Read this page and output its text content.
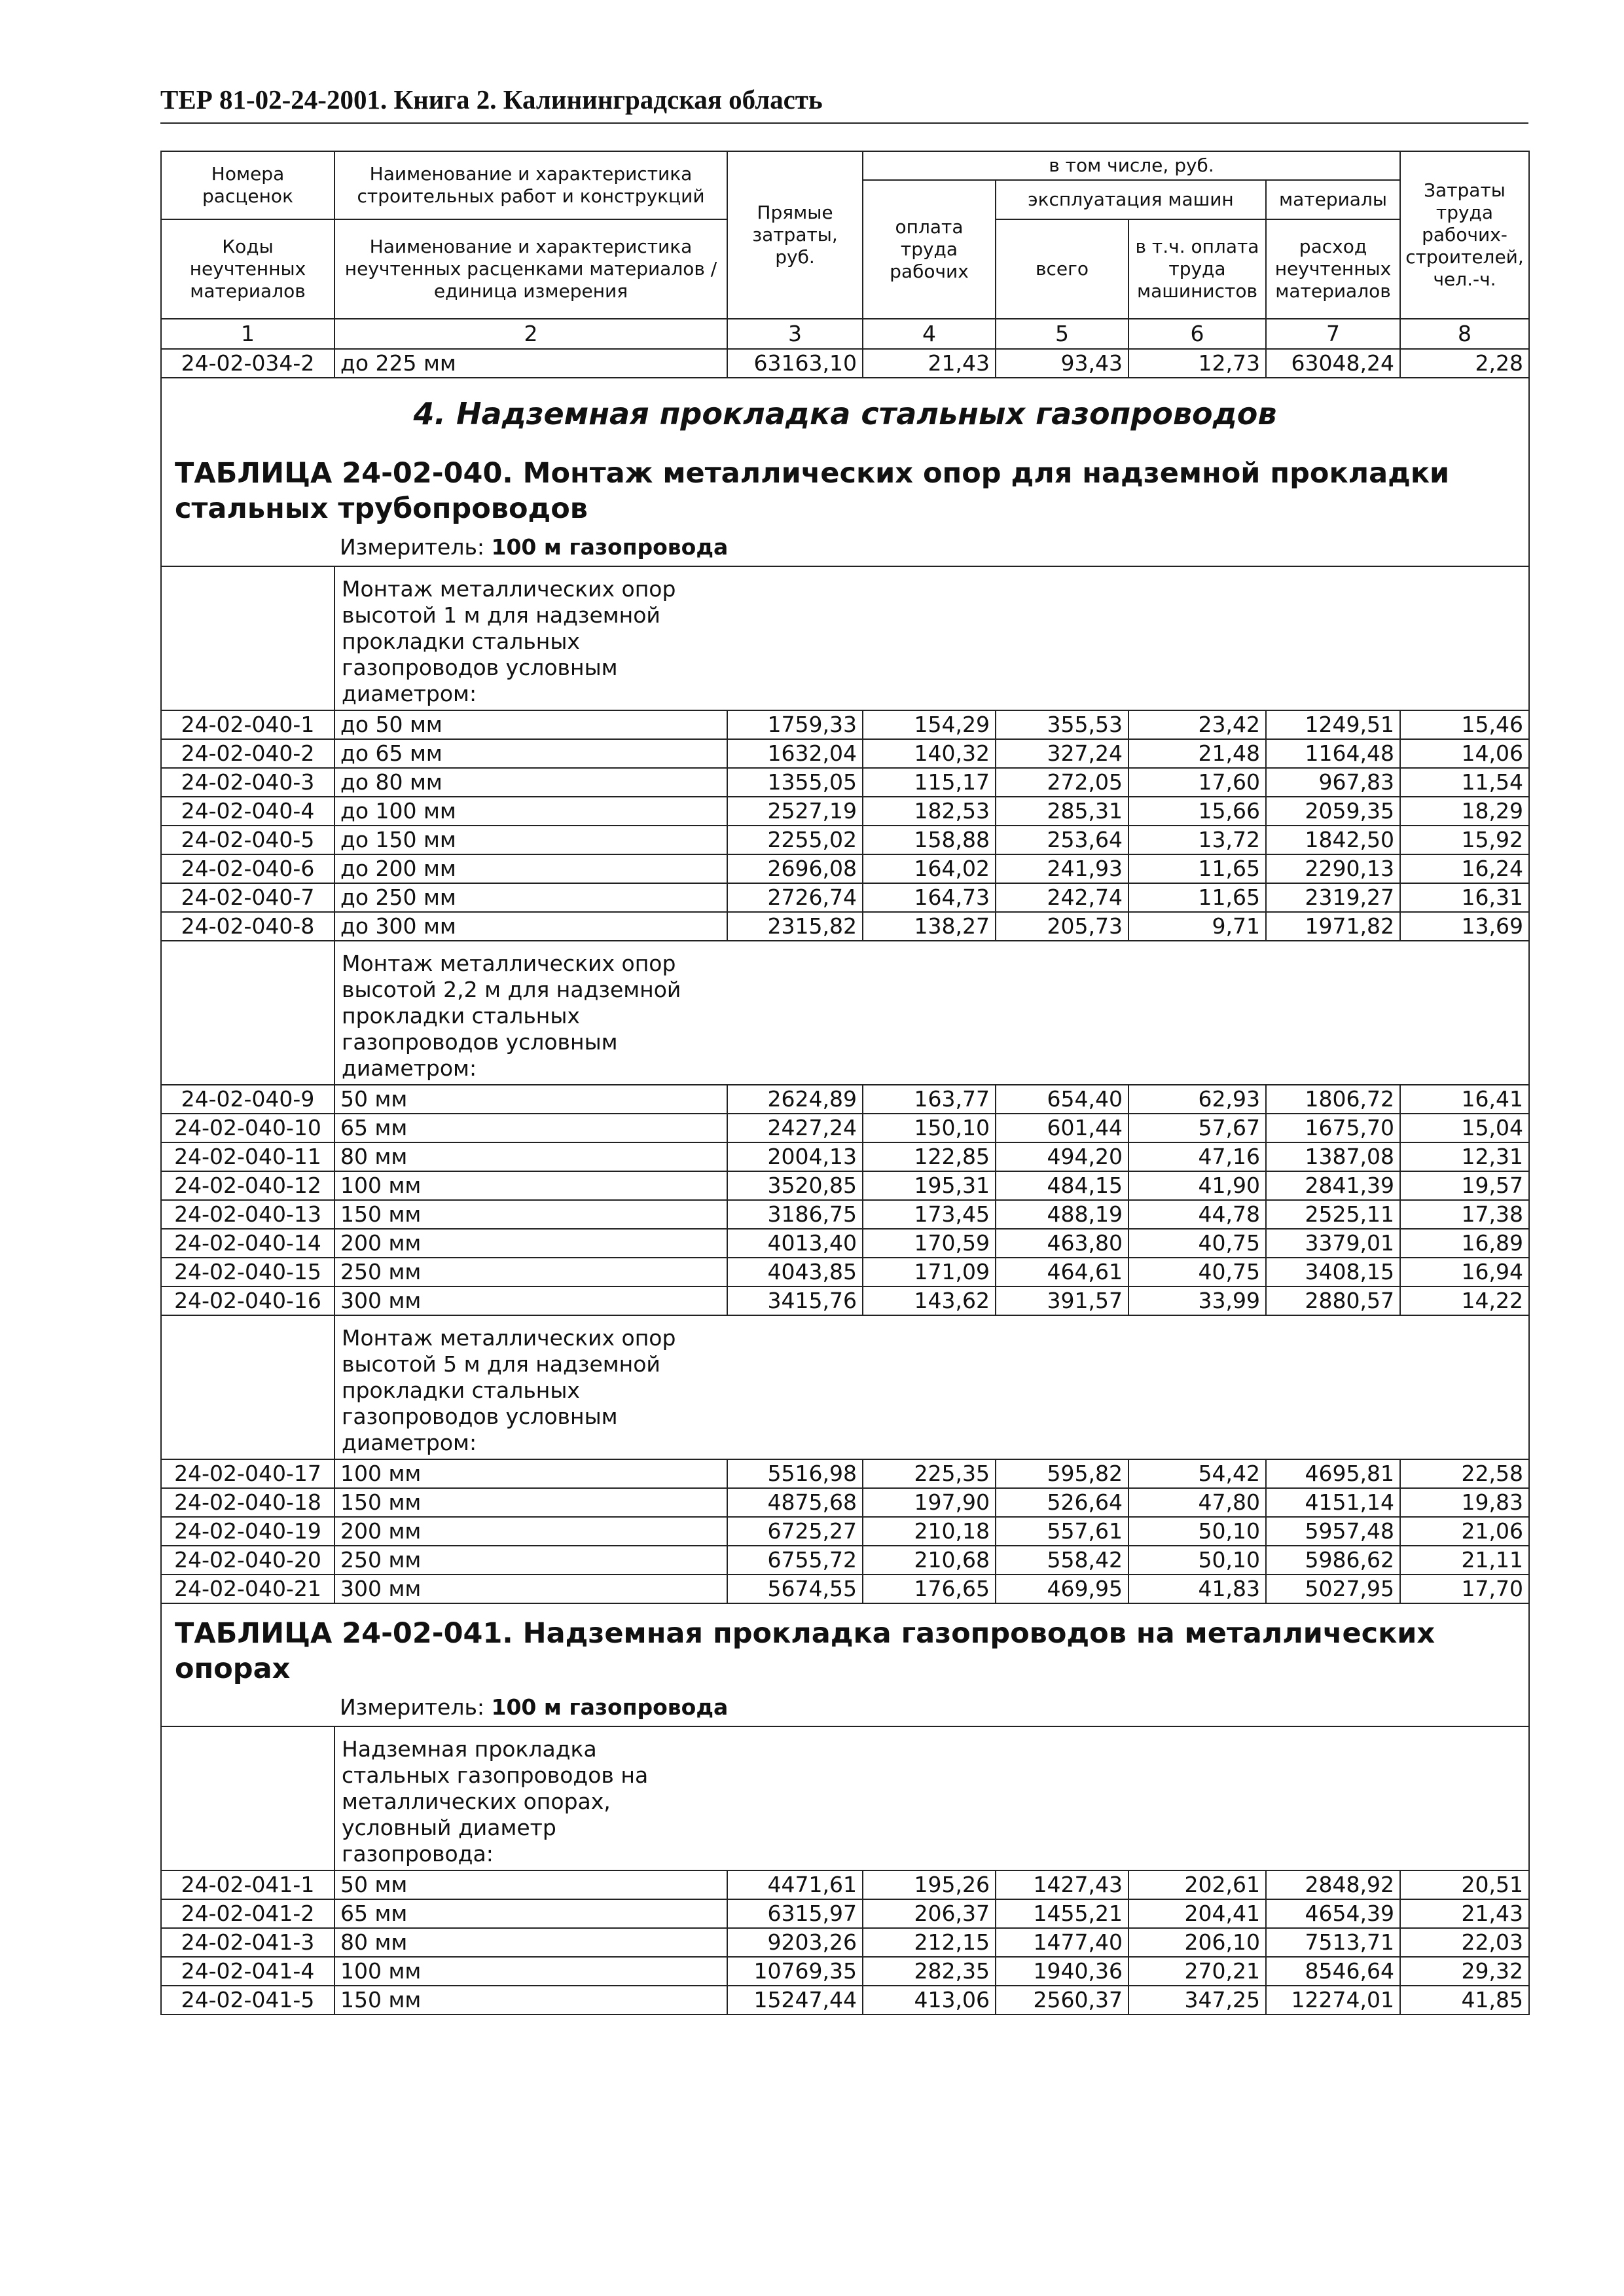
ТЕР 81-02-24-2001. Книга 2. Калининградская область
Номера расценок	Наименование и характеристика строительных работ и конструкций	Прямые затраты, руб.	в том числе, руб.				Затраты труда рабочих-строителей, чел.-ч.
			оплата труда рабочих	эксплуатация машин		материалы	
Коды неучтенных материалов	Наименование и характеристика неучтенных расценками материалов / единица измерения			всего	в т.ч. оплата труда машинистов	расход неучтенных материалов	

1	2	3	4	5	6	7	8
24-02-034-2	до 225 мм	63163,10	21,43	93,43	12,73	63048,24	2,28
4. Надземная прокладка стальных газопроводов							
ТАБЛИЦА 24-02-040. Монтаж металлических опор для надземной прокладки стальных трубопроводов							
	Измеритель: 100 м газопровода						

	Монтаж металлических опор высотой 1 м для надземной прокладки стальных газопроводов условным диаметром:						

24-02-040-1	до 50 мм	1759,33	154,29	355,53	23,42	1249,51	15,46
24-02-040-2	до 65 мм	1632,04	140,32	327,24	21,48	1164,48	14,06
24-02-040-3	до 80 мм	1355,05	115,17	272,05	17,60	967,83	11,54
24-02-040-4	до 100 мм	2527,19	182,53	285,31	15,66	2059,35	18,29
24-02-040-5	до 150 мм	2255,02	158,88	253,64	13,72	1842,50	15,92
24-02-040-6	до 200 мм	2696,08	164,02	241,93	11,65	2290,13	16,24
24-02-040-7	до 250 мм	2726,74	164,73	242,74	11,65	2319,27	16,31
24-02-040-8	до 300 мм	2315,82	138,27	205,73	9,71	1971,82	13,69

	Монтаж металлических опор высотой 2,2 м для надземной прокладки стальных газопроводов условным диаметром:						

24-02-040-9	50 мм	2624,89	163,77	654,40	62,93	1806,72	16,41
24-02-040-10	65 мм	2427,24	150,10	601,44	57,67	1675,70	15,04
24-02-040-11	80 мм	2004,13	122,85	494,20	47,16	1387,08	12,31
24-02-040-12	100 мм	3520,85	195,31	484,15	41,90	2841,39	19,57
24-02-040-13	150 мм	3186,75	173,45	488,19	44,78	2525,11	17,38
24-02-040-14	200 мм	4013,40	170,59	463,80	40,75	3379,01	16,89
24-02-040-15	250 мм	4043,85	171,09	464,61	40,75	3408,15	16,94
24-02-040-16	300 мм	3415,76	143,62	391,57	33,99	2880,57	14,22

	Монтаж металлических опор высотой 5 м для надземной прокладки стальных газопроводов условным диаметром:						

24-02-040-17	100 мм	5516,98	225,35	595,82	54,42	4695,81	22,58
24-02-040-18	150 мм	4875,68	197,90	526,64	47,80	4151,14	19,83
24-02-040-19	200 мм	6725,27	210,18	557,61	50,10	5957,48	21,06
24-02-040-20	250 мм	6755,72	210,68	558,42	50,10	5986,62	21,11
24-02-040-21	300 мм	5674,55	176,65	469,95	41,83	5027,95	17,70
ТАБЛИЦА 24-02-041. Надземная прокладка газопроводов на металлических опорах							
	Измеритель: 100 м газопровода						

	Надземная прокладка стальных газопроводов на металлических опорах, условный диаметр газопровода:						

24-02-041-1	50 мм	4471,61	195,26	1427,43	202,61	2848,92	20,51
24-02-041-2	65 мм	6315,97	206,37	1455,21	204,41	4654,39	21,43
24-02-041-3	80 мм	9203,26	212,15	1477,40	206,10	7513,71	22,03
24-02-041-4	100 мм	10769,35	282,35	1940,36	270,21	8546,64	29,32
24-02-041-5	150 мм	15247,44	413,06	2560,37	347,25	12274,01	41,85
